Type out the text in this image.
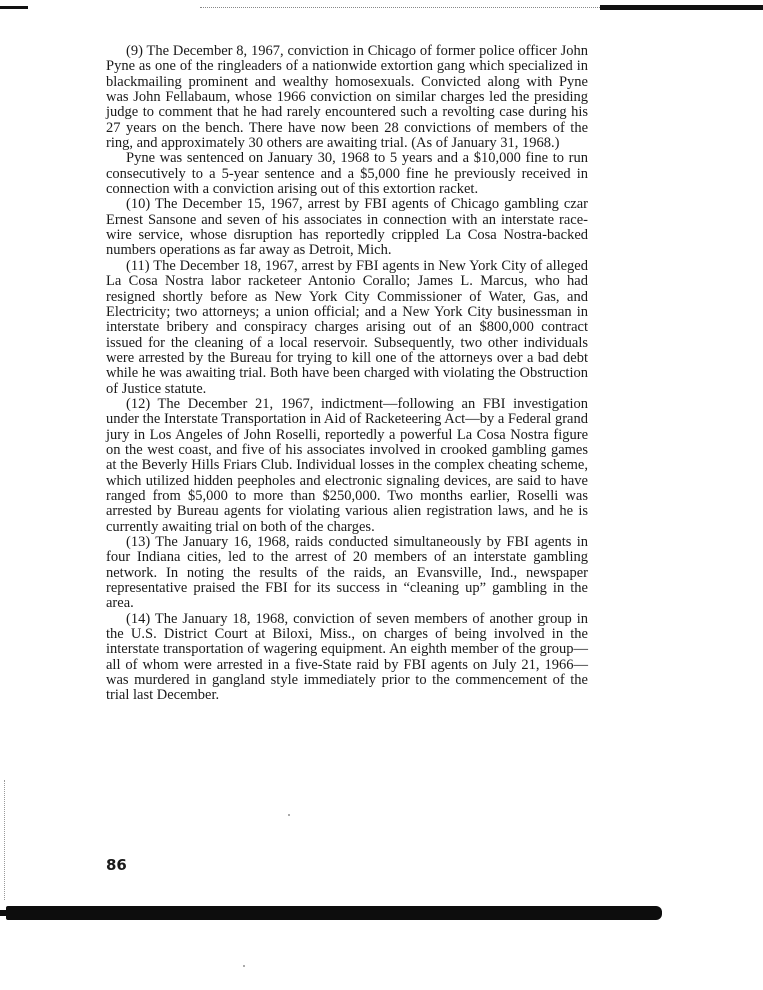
(9) The December 8, 1967, conviction in Chicago of former police officer John Pyne as one of the ringleaders of a nationwide extortion gang which specialized in blackmailing prominent and wealthy homosexuals. Convicted along with Pyne was John Fellabaum, whose 1966 conviction on similar charges led the presiding judge to comment that he had rarely encountered such a revolting case during his 27 years on the bench. There have now been 28 convictions of members of the ring, and approximately 30 others are awaiting trial. (As of January 31, 1968.)

Pyne was sentenced on January 30, 1968 to 5 years and a $10,000 fine to run consecutively to a 5-year sentence and a $5,000 fine he previously received in connection with a conviction arising out of this extortion racket.

(10) The December 15, 1967, arrest by FBI agents of Chicago gambling czar Ernest Sansone and seven of his associates in connection with an interstate race-wire service, whose disruption has reportedly crippled La Cosa Nostra-backed numbers operations as far away as Detroit, Mich.

(11) The December 18, 1967, arrest by FBI agents in New York City of alleged La Cosa Nostra labor racketeer Antonio Corallo; James L. Marcus, who had resigned shortly before as New York City Commissioner of Water, Gas, and Electricity; two attorneys; a union official; and a New York City businessman in interstate bribery and conspiracy charges arising out of an $800,000 contract issued for the cleaning of a local reservoir. Subsequently, two other individuals were arrested by the Bureau for trying to kill one of the attorneys over a bad debt while he was awaiting trial. Both have been charged with violating the Obstruction of Justice statute.

(12) The December 21, 1967, indictment—following an FBI investigation under the Interstate Transportation in Aid of Racketeering Act—by a Federal grand jury in Los Angeles of John Roselli, reportedly a powerful La Cosa Nostra figure on the west coast, and five of his associates involved in crooked gambling games at the Beverly Hills Friars Club. Individual losses in the complex cheating scheme, which utilized hidden peepholes and electronic signaling devices, are said to have ranged from $5,000 to more than $250,000. Two months earlier, Roselli was arrested by Bureau agents for violating various alien registration laws, and he is currently awaiting trial on both of the charges.

(13) The January 16, 1968, raids conducted simultaneously by FBI agents in four Indiana cities, led to the arrest of 20 members of an interstate gambling network. In noting the results of the raids, an Evansville, Ind., newspaper representative praised the FBI for its success in “cleaning up” gambling in the area.

(14) The January 18, 1968, conviction of seven members of another group in the U.S. District Court at Biloxi, Miss., on charges of being involved in the interstate transportation of wagering equipment. An eighth member of the group—all of whom were arrested in a five-State raid by FBI agents on July 21, 1966—was murdered in gangland style immediately prior to the commencement of the trial last December.

86
